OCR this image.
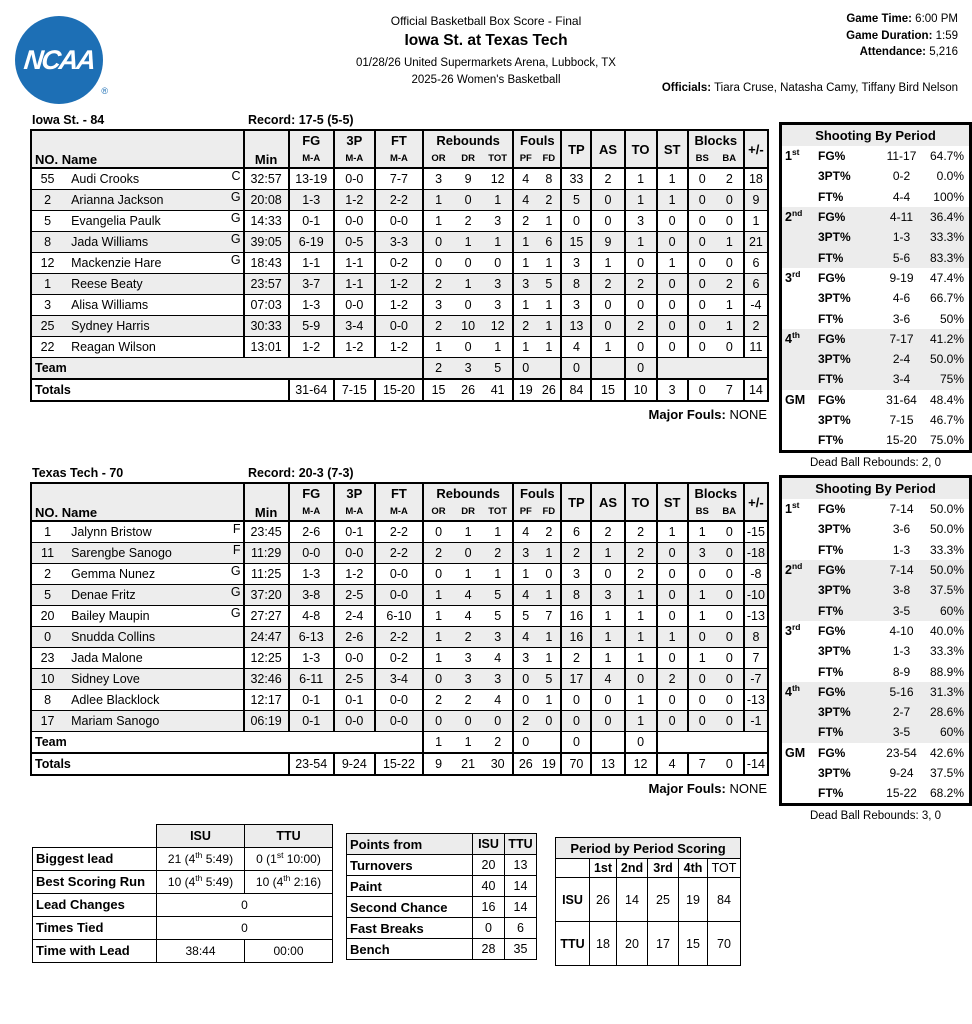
NCAA
®
Official Basketball Box Score - Final
Iowa St. at Texas Tech
01/28/26 United Supermarkets Arena, Lubbock, TX
2025-26 Women's Basketball
Game Time: 6:00 PM
Game Duration: 1:59
Attendance: 5,216
Officials: Tiara Cruse, Natasha Camy, Tiffany Bird Nelson
Iowa St. - 84	Record: 17-5 (5-5)
NO. Name		Min	FG	3P	FT	Rebounds			Fouls		TP	AS	TO	ST	Blocks		+/-
			M-A	M-A	M-A	OR	DR	TOT	PF	FD					BS	BA	
55	Audi Crooks C	32:57	13-19	0-0	7-7	3	9	12	4	8	33	2	1	1	0	2	18
2	Arianna Jackson G	20:08	1-3	1-2	2-2	1	0	1	4	2	5	0	1	1	0	0	9
5	Evangelia Paulk G	14:33	0-1	0-0	0-0	1	2	3	2	1	0	0	3	0	0	0	1
8	Jada Williams G	39:05	6-19	0-5	3-3	0	1	1	1	6	15	9	1	0	0	1	21
12	Mackenzie Hare G	18:43	1-1	1-1	0-2	0	0	0	1	1	3	1	0	1	0	0	6
1	Reese Beaty	23:57	3-7	1-1	1-2	2	1	3	3	5	8	2	2	0	0	2	6
3	Alisa Williams	07:03	1-3	0-0	1-2	3	0	3	1	1	3	0	0	0	0	1	-4
25	Sydney Harris	30:33	5-9	3-4	0-0	2	10	12	2	1	13	0	2	0	0	1	2
22	Reagan Wilson	13:01	1-2	1-2	1-2	1	0	1	1	1	4	1	0	0	0	0	11
Team						2	3	5	0		0		0				
Totals			31-64	7-15	15-20	15	26	41	19	26	84	15	10	3	0	7	14
Major Fouls: NONE
Shooting By Period
1st	FG%	11-17	64.7%
3PT%	0-2	0.0%
FT%	4-4	100%
2nd	FG%	4-11	36.4%
3PT%	1-3	33.3%
FT%	5-6	83.3%
3rd	FG%	9-19	47.4%
3PT%	4-6	66.7%
FT%	3-6	50%
4th	FG%	7-17	41.2%
3PT%	2-4	50.0%
FT%	3-4	75%
GM	FG%	31-64	48.4%
3PT%	7-15	46.7%
FT%	15-20	75.0%
Dead Ball Rebounds: 2, 0
Texas Tech - 70	Record: 20-3 (7-3)
NO. Name		Min	FG	3P	FT	Rebounds			Fouls		TP	AS	TO	ST	Blocks		+/-
			M-A	M-A	M-A	OR	DR	TOT	PF	FD					BS	BA	
1	Jalynn Bristow F	23:45	2-6	0-1	2-2	0	1	1	4	2	6	2	2	1	1	0	-15
11	Sarengbe Sanogo F	11:29	0-0	0-0	2-2	2	0	2	3	1	2	1	2	0	3	0	-18
2	Gemma Nunez G	11:25	1-3	1-2	0-0	0	1	1	1	0	3	0	2	0	0	0	-8
5	Denae Fritz G	37:20	3-8	2-5	0-0	1	4	5	4	1	8	3	1	0	1	0	-10
20	Bailey Maupin G	27:27	4-8	2-4	6-10	1	4	5	5	7	16	1	1	0	1	0	-13
0	Snudda Collins	24:47	6-13	2-6	2-2	1	2	3	4	1	16	1	1	1	0	0	8
23	Jada Malone	12:25	1-3	0-0	0-2	1	3	4	3	1	2	1	1	0	1	0	7
10	Sidney Love	32:46	6-11	2-5	3-4	0	3	3	0	5	17	4	0	2	0	0	-7
8	Adlee Blacklock	12:17	0-1	0-1	0-0	2	2	4	0	1	0	0	1	0	0	0	-13
17	Mariam Sanogo	06:19	0-1	0-0	0-0	0	0	0	2	0	0	0	1	0	0	0	-1
Team						1	1	2	0		0		0				
Totals			23-54	9-24	15-22	9	21	30	26	19	70	13	12	4	7	0	-14
Major Fouls: NONE
Shooting By Period
1st	FG%	7-14	50.0%
3PT%	3-6	50.0%
FT%	1-3	33.3%
2nd	FG%	7-14	50.0%
3PT%	3-8	37.5%
FT%	3-5	60%
3rd	FG%	4-10	40.0%
3PT%	1-3	33.3%
FT%	8-9	88.9%
4th	FG%	5-16	31.3%
3PT%	2-7	28.6%
FT%	3-5	60%
GM	FG%	23-54	42.6%
3PT%	9-24	37.5%
FT%	15-22	68.2%
Dead Ball Rebounds: 3, 0
	ISU	TTU
Biggest lead	21 (4th 5:49)	0 (1st 10:00)
Best Scoring Run	10 (4th 5:49)	10 (4th 2:16)
Lead Changes	0	
Times Tied	0	
Time with Lead	38:44	00:00
Points from	ISU	TTU
Turnovers	20	13
Paint	40	14
Second Chance	16	14
Fast Breaks	0	6
Bench	28	35
Period by Period Scoring					
	1st	2nd	3rd	4th	TOT
ISU	26	14	25	19	84
TTU	18	20	17	15	70
